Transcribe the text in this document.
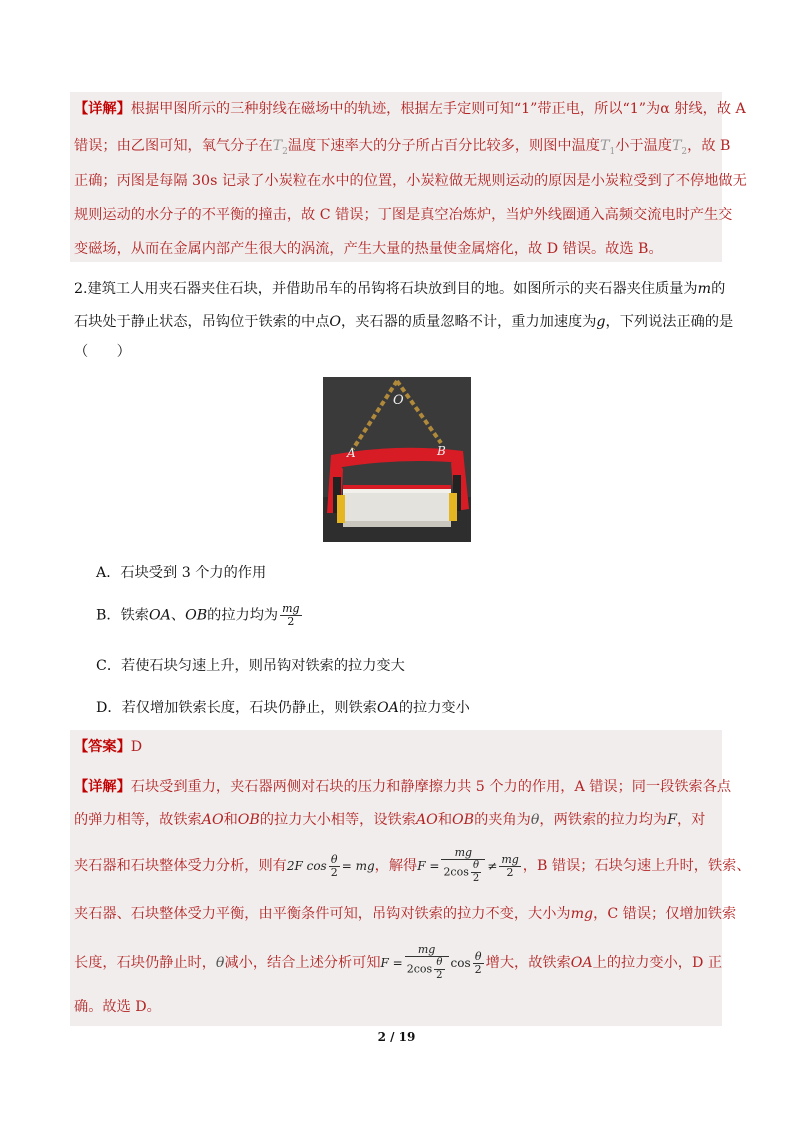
【详解】根据甲图所示的三种射线在磁场中的轨迹，根据左手定则可知“1”带正电，所以“1”为α 射线，故 A
错误；由乙图可知，氧气分子在$T_2$温度下速率大的分子所占百分比较多，则图中温度$T_1$小于温度$T_2$，故 B
正确；丙图是每隔 30s 记录了小炭粒在水中的位置，小炭粒做无规则运动的原因是小炭粒受到了不停地做无
规则运动的水分子的不平衡的撞击，故 C 错误；丁图是真空冶炼炉，当炉外线圈通入高频交流电时产生交
变磁场，从而在金属内部产生很大的涡流，产生大量的热量使金属熔化，故 D 错误。故选 B。
2.建筑工人用夹石器夹住石块，并借助吊车的吊钩将石块放到目的地。如图所示的夹石器夹住质量为m的
石块处于静止状态，吊钩位于铁索的中点O，夹石器的质量忽略不计，重力加速度为g，下列说法正确的是
（　　）
O
A	B
A．石块受到 3 个力的作用
B．铁索OA、OB的拉力均为 $\frac{mg}{2}$
C．若使石块匀速上升，则吊钩对铁索的拉力变大
D．若仅增加铁索长度，石块仍静止，则铁索OA的拉力变小
【答案】D
【详解】石块受到重力，夹石器两侧对石块的压力和静摩擦力共 5 个力的作用，A 错误；同一段铁索各点
的弹力相等，故铁索AO和OB的拉力大小相等，设铁索AO和OB的夹角为θ，两铁索的拉力均为F，对
夹石器和石块整体受力分析，则有2F $\cos \frac{\theta}{2}$ = mg，解得$F = \frac{mg}{2\cos \frac{\theta}{2}} \ne \frac{mg}{2}$ ，B 错误；石块匀速上升时，铁索、
夹石器、石块整体受力平衡，由平衡条件可知，吊钩对铁索的拉力不变，大小为mg，C 错误；仅增加铁索
长度，石块仍静止时，θ减小，结合上述分析可知$F = \frac{mg}{2\cos \frac{\theta}{2}}$ $\cos \frac{\theta}{2}$ 增大，故铁索OA上的拉力变小，D 正
确。故选 D。
2 / 19
